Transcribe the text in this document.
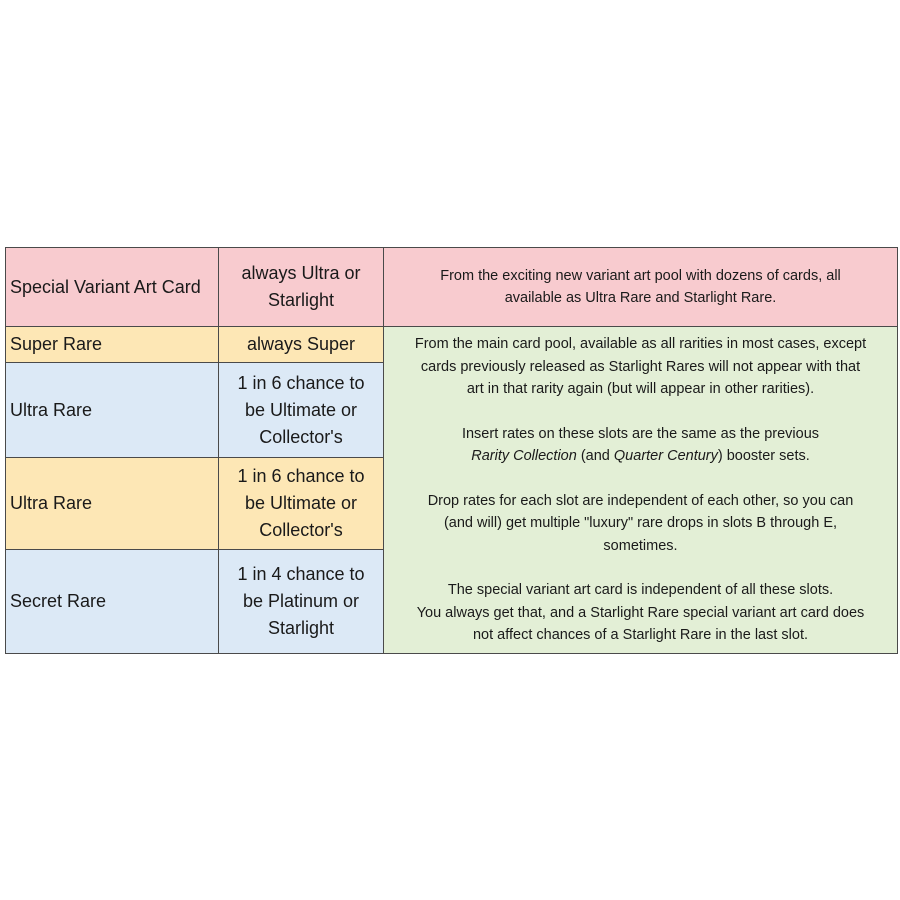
Special Variant Art Card
always Ultra or
Starlight
From the exciting new variant art pool with dozens of cards, all
available as Ultra Rare and Starlight Rare.
Super Rare	always Super
Ultra Rare
1 in 6 chance to
be Ultimate or
Collector's
Ultra Rare
1 in 6 chance to
be Ultimate or
Collector's
Secret Rare
1 in 4 chance to
be Platinum or
Starlight
From the main card pool, available as all rarities in most cases, except
cards previously released as Starlight Rares will not appear with that
art in that rarity again (but will appear in other rarities).
Insert rates on these slots are the same as the previous
Rarity Collection (and Quarter Century) booster sets.
Drop rates for each slot are independent of each other, so you can
(and will) get multiple "luxury" rare drops in slots B through E,
sometimes.
The special variant art card is independent of all these slots.
You always get that, and a Starlight Rare special variant art card does
not affect chances of a Starlight Rare in the last slot.
